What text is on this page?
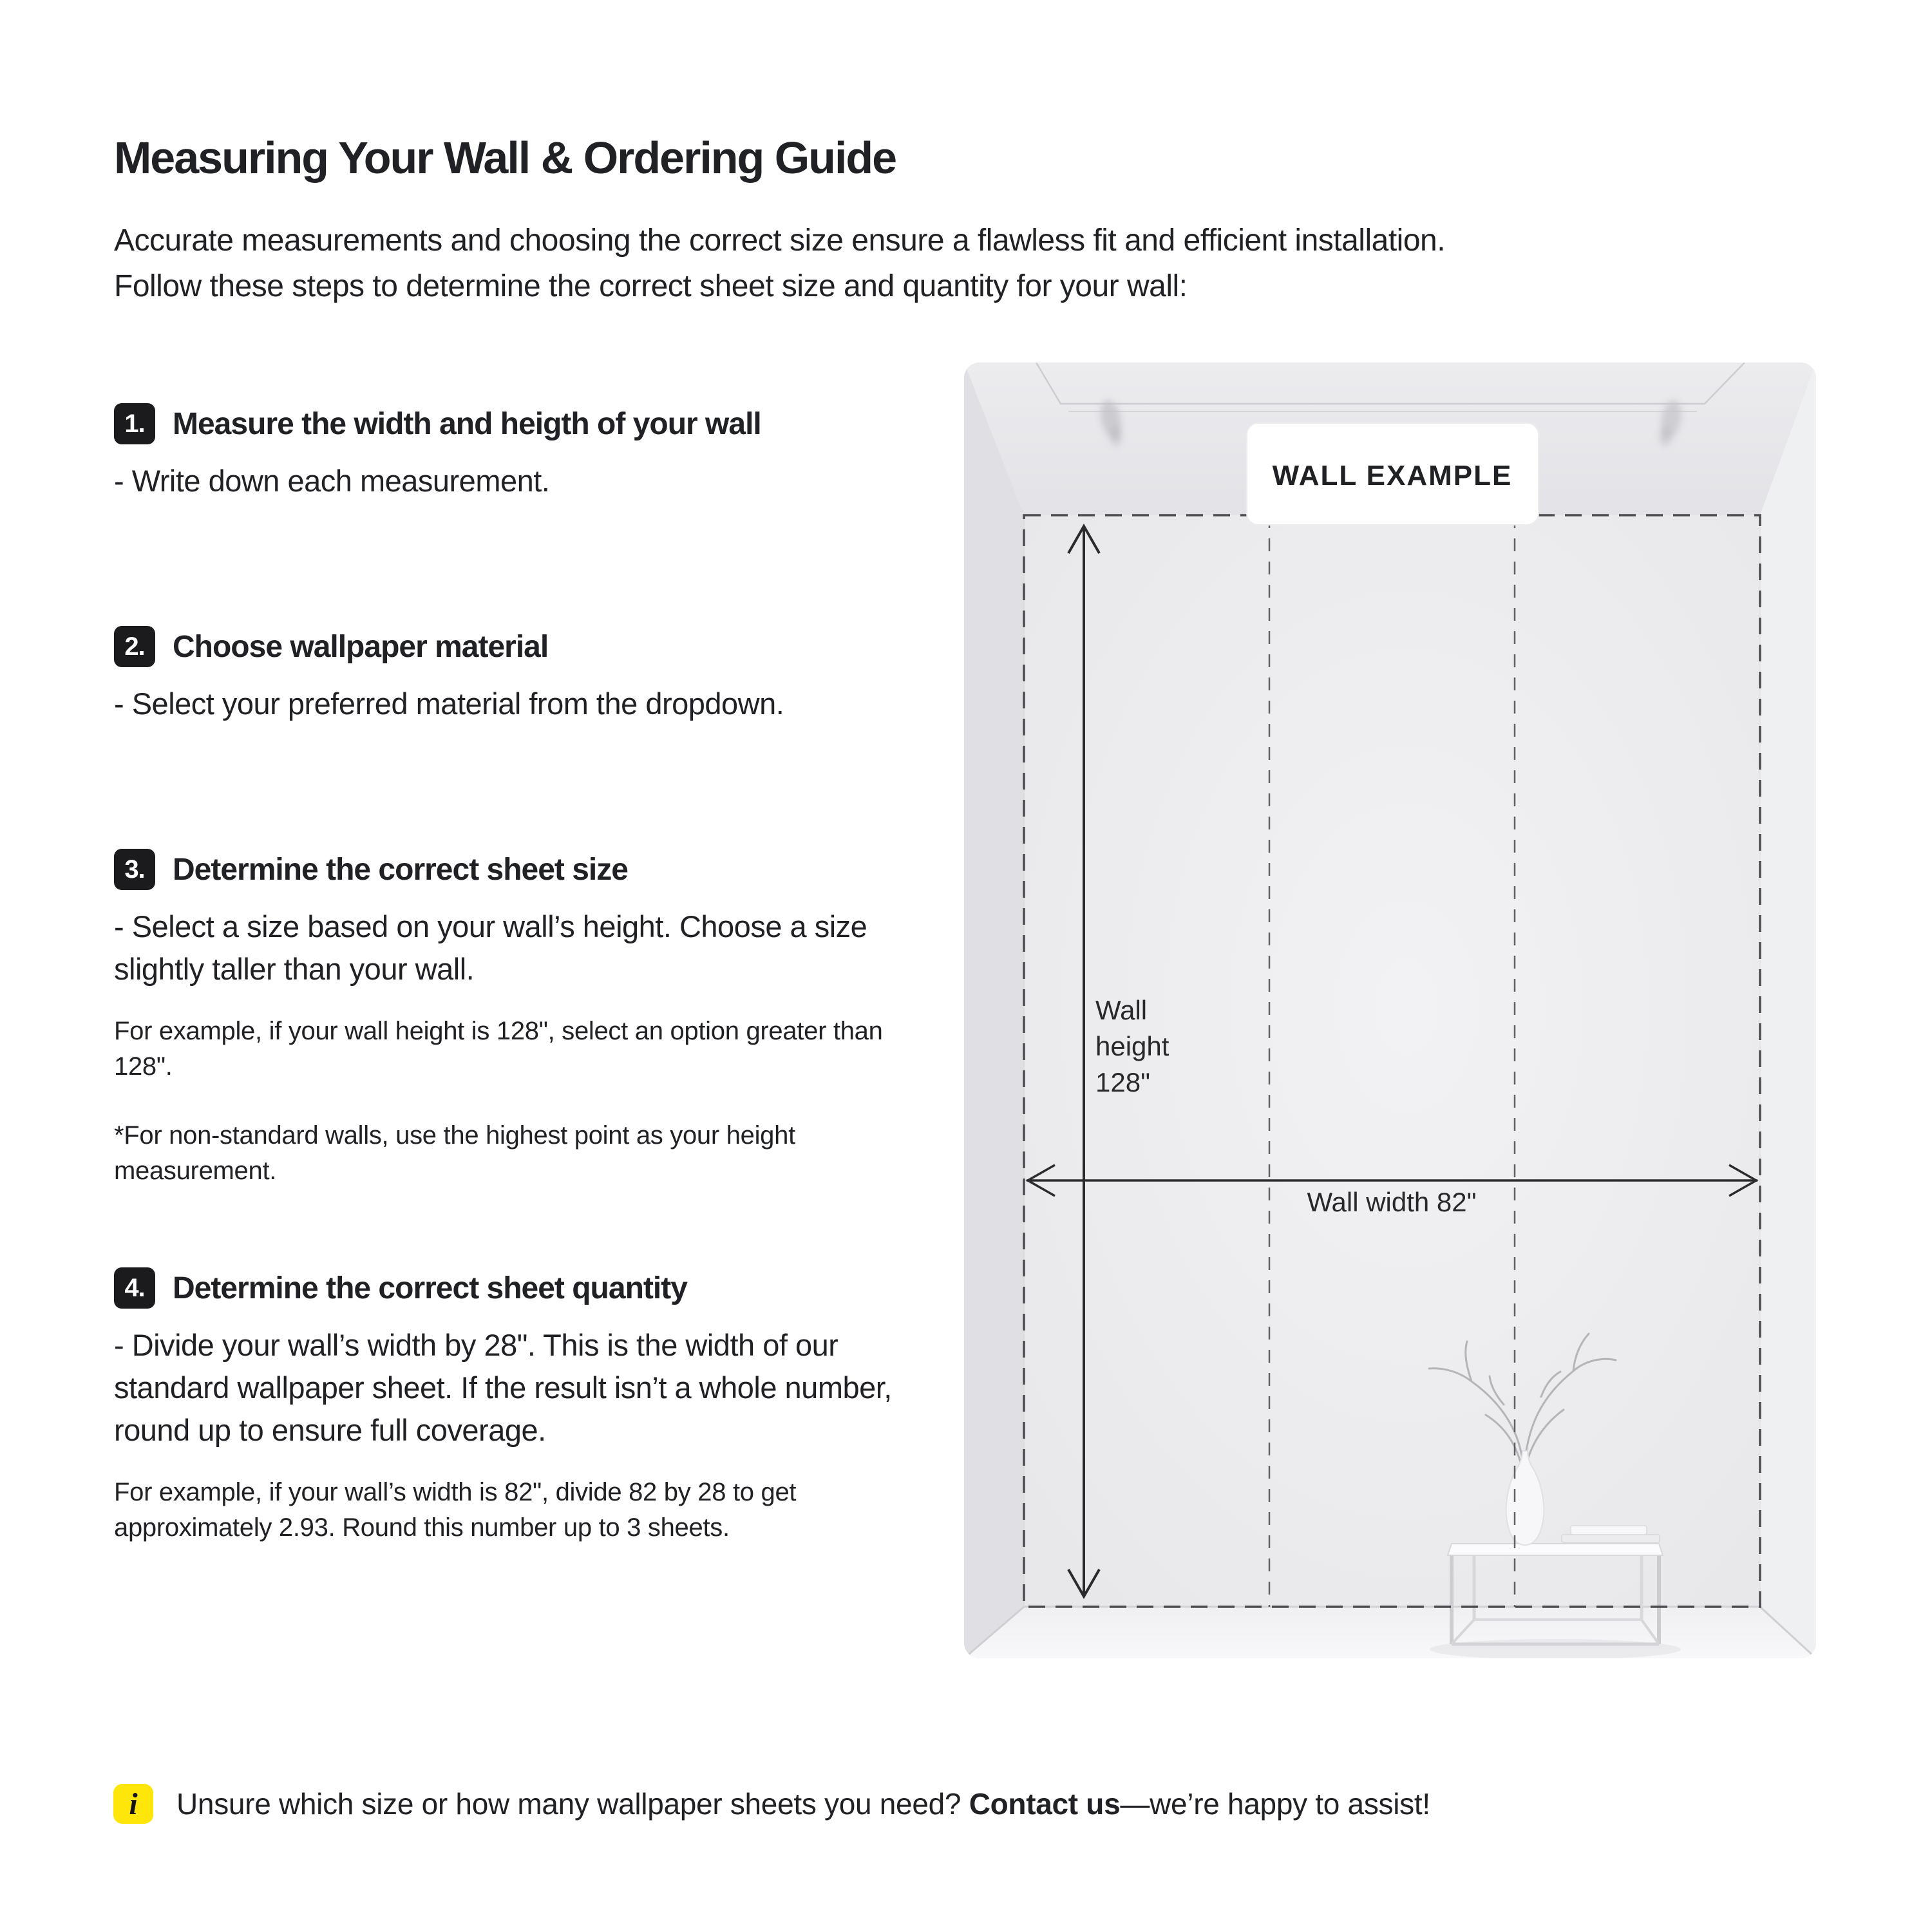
Measuring Your Wall & Ordering Guide
Accurate measurements and choosing the correct size ensure a flawless fit and efficient installation.
Follow these steps to determine the correct sheet size and quantity for your wall:
1. Measure the width and heigth of your wall
- Write down each measurement.
2. Choose wallpaper material
- Select your preferred material from the dropdown.
3. Determine the correct sheet size
- Select a size based on your wall’s height. Choose a size slightly taller than your wall.
For example, if your wall height is 128", select an option greater than 128".
*For non-standard walls, use the highest point as your height measurement.
4. Determine the correct sheet quantity
- Divide your wall’s width by 28". This is the width of our standard wallpaper sheet. If the result isn’t a whole number, round up to ensure full coverage.
For example, if your wall’s width is 82", divide 82 by 28 to get approximately 2.93. Round this number up to 3 sheets.
WALL EXAMPLE
Wall height 128"
Wall width 82"
i	Unsure which size or how many wallpaper sheets you need? Contact us—we’re happy to assist!
